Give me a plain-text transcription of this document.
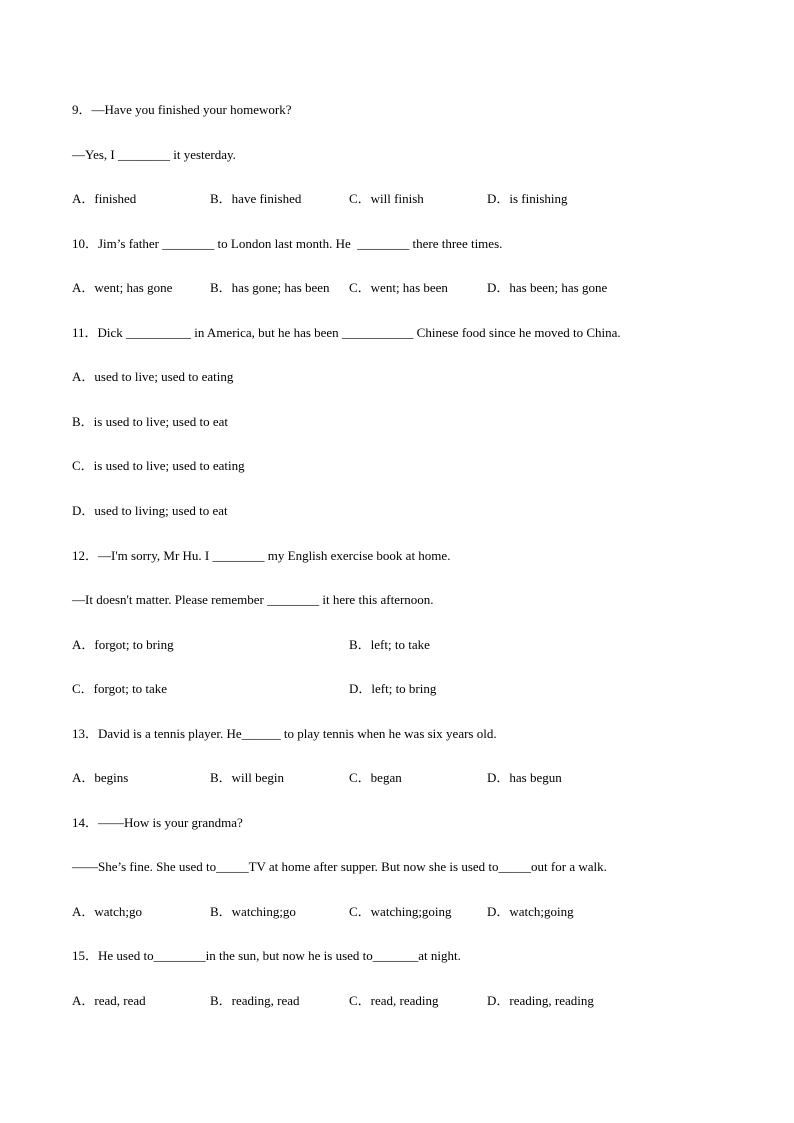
9．—Have you finished your homework?
—Yes, I ________ it yesterday.
A．finished	B．have finished	C．will finish	D．is finishing
10．Jim’s father ________ to London last month. He  ________ there three times.
A．went; has gone	B．has gone; has been C．went; has been	D．has been; has gone
11．Dick __________ in America, but he has been ___________ Chinese food since he moved to China.
A．used to live; used to eating
B．is used to live; used to eat
C．is used to live; used to eating
D．used to living; used to eat
12．—I'm sorry, Mr Hu. I ________ my English exercise book at home.
—It doesn't matter. Please remember ________ it here this afternoon.
A．forgot; to bring	B．left; to take
C．forgot; to take	D．left; to bring
13．David is a tennis player. He______ to play tennis when he was six years old.
A．begins	B．will begin	C．began	D．has begun
14．——How is your grandma?
——She’s fine. She used to_____TV at home after supper. But now she is used to_____out for a walk.
A．watch;go	B．watching;go	C．watching;going	D．watch;going
15．He used to________in the sun, but now he is used to_______at night.
A．read, read	B．reading, read	C．read, reading	D．reading, reading
